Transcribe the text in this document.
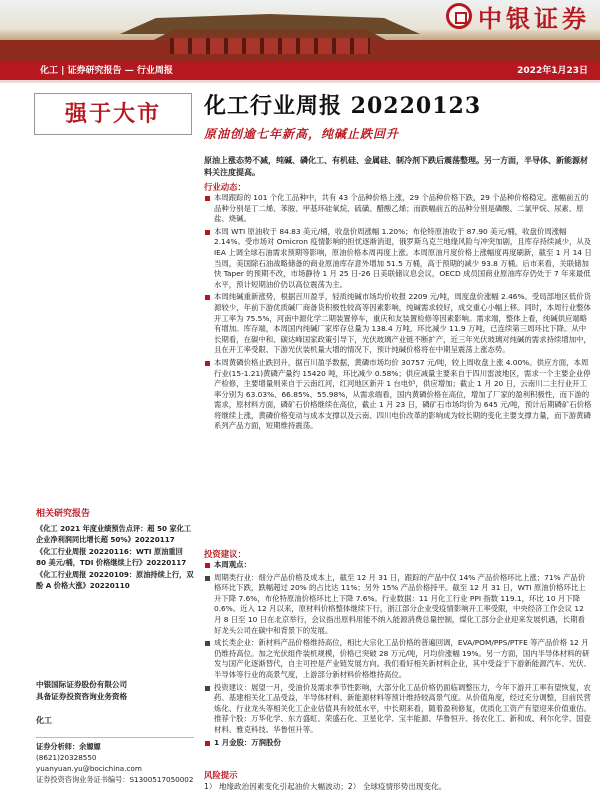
中银证券
化工 | 证券研究报告 — 行业周报	2022年1月23日
强于大市
相关研究报告
《化工 2021 年度业绩预告点评：超 50 家化工企业净利润同比增长超 50%》20220117
《化工行业周报 20220116：WTI 原油重回 80 美元/桶，TDI 价格继续上行》20220117
《化工行业周报 20220109：原油持续上行，双酚 A 价格大涨》20220110
中银国际证券股份有限公司
具备证券投资咨询业务资格
化工
证券分析师：余嫄嫄
(8621)20328550
yuanyuan.yu@bocichina.com
证券投资咨询业务证书编号：S1300517050002
化工行业周报 20220123
原油创逾七年新高，纯碱止跌回升
原油上涨态势不减，纯碱、磷化工、有机硅、金属硅、制冷剂下跌后震荡整理。另一方面，半导体、新能源材料关注度提高。
行业动态：
本周跟踪的 101 个化工品种中，共有 43 个品种价格上涨，29 个品种价格下跌，29 个品种价格稳定。涨幅前五的品种分别是丁二烯、苯胺、甲基环硅氧烷、硫磺、醋酸乙烯；而跌幅前五的品种分别是磷酸、二氯甲烷、尿素、原盐、烧碱。
本周 WTI 原油收于 84.83 美元/桶，收盘价周涨幅 1.20%；布伦特原油收于 87.90 美元/桶，收盘价周涨幅 2.14%。受市场对 Omicron 疫情影响的担忧逐渐消退，俄罗斯乌克兰地缘风险与冲突加剧，且库存持续减少，从及 IEA 上调全球石油需求预期等影响，原油价格本周再度上涨。本周原油月度价格上涨幅度再度刷新，截至 1 月 14 日当周，美国除石油战略储备的商业原油库存意外增加 51.5 万桶，高于预期的减少 93.8 万桶。后市来看，关联储加快 Taper 的预期不改，市场静待 1 月 25 日-26 日美联储议息会议，OECD 成员国商业原油库存仍处于 7 年来最低水平，预计短期油价仍以高位震荡为主。
本周纯碱重新涨势，根据百川盈孚，轻质纯碱市场均价收报 2209 元/吨，周度盘价涨幅 2.46%。受局部地区低价货源较少，年前下游优质碱厂商备货积极性较高等因素影响，纯碱需求较好，成交重心小幅上移。同时，本周行业整体开工率为 75.5%，河南中源化学二期装置停车，重庆和友装置检修等因素影响。需求端，整体上看，纯碱供应端略有增加。库存端，本周国内纯碱厂家库存总量为 138.4 万吨，环比减少 11.9 万吨，已连续第三周环比下降。从中长期看，在碳中和、碳达峰国家政策引导下，光伏玻璃产业链不断扩产，近三年光伏玻璃对纯碱的需求持续增加中，且在开工率受限、下游光伏装机量大增的情况下，预计纯碱价格将在中期呈震荡上涨态势。
本周黄磷价格止跌回升，据百川盈孚数据，黄磷市场均价 30757 元/吨，较上周收盘上涨 4.00%。供应方面，本周行业(15-1.21)黄磷产量约 15420 吨，环比减少 0.58%；供应减量主要来自于四川雷波地区，需求一个主要企业停产检修，主要增量则来自于云南红河，红河地区新开 1 台电炉，供应增加；截止 1 月 20 日，云南川二主行业开工率分别为 63.03%、66.85%、55.98%，从需求端看，国内黄磷价格在高位，增加了厂家的盈利积极性，而下游的需求，原材料方面，磷矿石价格继续在高位，截止 1 月 23 日，磷矿石市场均价为 645 元/吨，预计后期磷矿石价格将继续上涨，黄磷价格变动与成本支撑以及云南、四川电价改革的影响成为较长期的变化主要支撑力量，而下游黄磷系列产品方面，短期维持震荡。
投资建议：
本周观点：
周期类行业：细分产品价格及成本上，截至 12 月 31 日，跟踪的产品中仅 14% 产品价格环比上涨；71% 产品价格环比下跌，跌幅超过 20% 的占比达 11%；另外 15% 产品价格持平。截至 12 月 31 日，WTI 原油价格环比上升下降 7.6%，布伦特原油价格环比上下降 7.6%。行业数据：11 月化工行业 PPI 指数 119.1，环比 10 月下降 0.6%。近入 12 月以来，原材料价格整体继续下行，浙江部分企业受疫情影响开工率受限，中央经济工作会议 12 月 8 日至 10 日在北京举行，会议指出原料用能不纳入能源消费总量控制，煤化工部分企业迎来发展机遇，长期看好龙头公司在碳中和背景下的发展。
成长类企业：新材料产品价格维持高位，相比大宗化工品价格的普遍回调，EVA/POM/PPS/PTFE 等产品价格 12 月仍维持高位。加之光伏组件装机规模，价格已突破 28 万元/吨，月均价涨幅 19%。另一方面，国内半导体材料的研发与国产化逐渐替代，自主可控是产业链发展方向。我们看好相关新材料企业，其中受益于下游新能源汽车、光伏、半导体等行业的高景气度，上游部分新材料价格维持高位。
投资建议：展望一月，受油价及需求季节性影响，大部分化工品价格仍面临调整压力，今年下游开工率有望恢复，农药、基建相关化工品受益，半导体材料、新能源材料等预计维持较高景气度。从价值角度，经过充分调整，目前民营炼化、行业龙头等相关化工企业估值具有较低水平，中长期来看，随着盈利修复，优质化工资产有望迎来价值重估。推荐个股：万华化学、东方盛虹、荣盛石化、卫星化学、宝丰能源、华鲁恒升、扬农化工、新和成、利尔化学、国瓷材料、雅克科技、华鲁恒升等。
1 月金股：万润股份
风险提示
1） 地缘政治因素变化引起油价大幅波动；2） 全球疫情形势出现变化。
